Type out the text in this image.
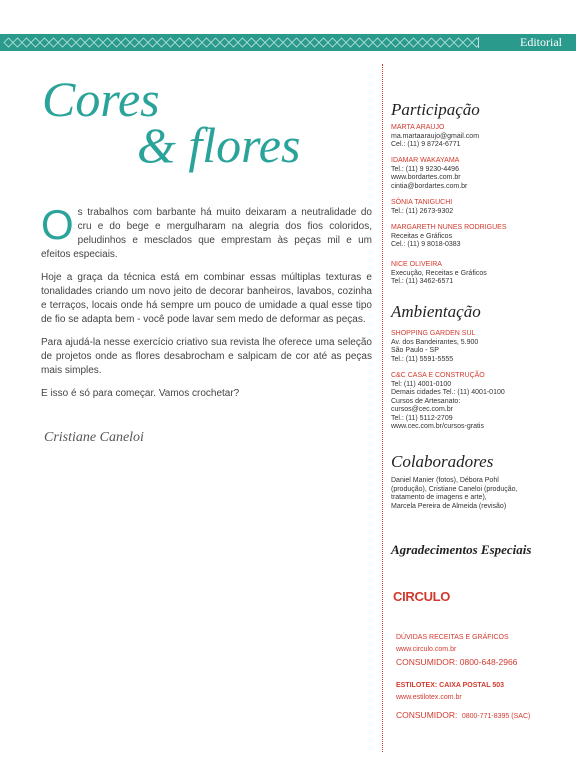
Editorial
Cores
& flores

Os trabalhos com barbante há muito deixaram a neutralidade do cru e do bege e mergulharam na alegria dos fios coloridos, peludinhos e mesclados que emprestam às peças mil e um efeitos especiais.

Hoje a graça da técnica está em combinar essas múltiplas texturas e tonalidades criando um novo jeito de decorar banheiros, lavabos, cozinha e terraços, locais onde há sempre um pouco de umidade a qual esse tipo de fio se adapta bem - você pode lavar sem medo de deformar as peças.

Para ajudá-la nesse exercício criativo sua revista lhe oferece uma seleção de projetos onde as flores desabrocham e salpicam de cor até as peças mais simples.

E isso é só para começar. Vamos crochetar?

Cristiane Caneloi
Participação
MARTA ARAUJO
ma.martaaraujo@gmail.com
Cel.: (11) 9 8724-6771
IDAMAR WAKAYAMA
Tel.: (11) 9 9230-4496
www.bordartes.com.br
cintia@bordartes.com.br
SÔNIA TANIGUCHI
Tel.: (11) 2673-9302
MARGARETH NUNES RODRIGUES
Receitas e Gráficos
Cel.: (11) 9 8018-0383
NICE OLIVEIRA
Execução, Receitas e Gráficos
Tel.: (11) 3462-6571
Ambientação
SHOPPING GARDEN SUL
Av. dos Bandeirantes, 5.900
São Paulo - SP
Tel.: (11) 5591-5555
C&C CASA E CONSTRUÇÃO
Tel: (11) 4001-0100
Demais cidades Tel.: (11) 4001-0100
Cursos de Artesanato:
cursos@cec.com.br
Tel.: (11) 5112-2709
www.cec.com.br/cursos-gratis
Colaboradores
Daniel Manier (fotos), Débora Pohl
(produção), Cristiane Caneloi (produção,
tratamento de imagens e arte),
Marcela Pereira de Almeida (revisão)
Agradecimentos Especiais
CIRCULO
DÚVIDAS RECEITAS E GRÁFICOS
www.circulo.com.br
CONSUMIDOR: 0800-648-2966
ESTILOTEX: CAIXA POSTAL 503
www.estilotex.com.br
CONSUMIDOR: 0800-771-8395 (SAC)
